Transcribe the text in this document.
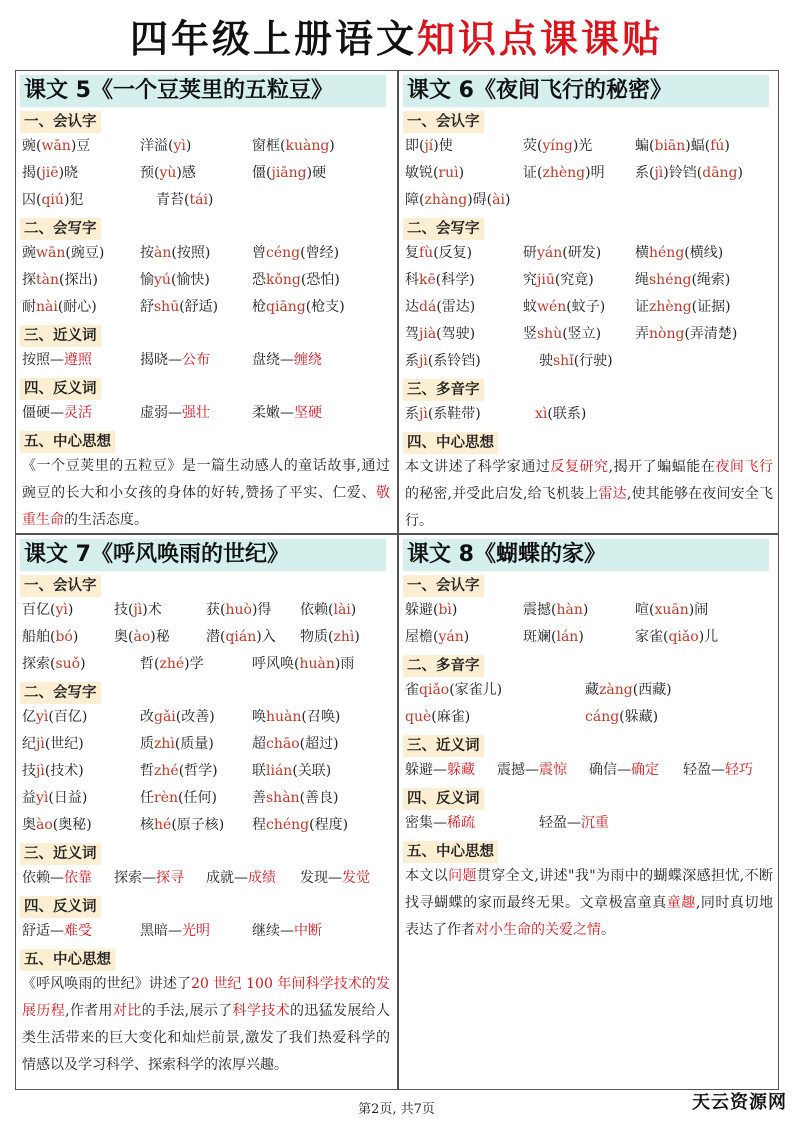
四年级上册语文知识点课课贴
课文 5《一个豆荚里的五粒豆》
一、会认字
豌(wān)豆	洋溢(yì)	窗框(kuàng)
揭(jiē)晓	预(yù)感	僵(jiāng)硬
囚(qiú)犯	青苔(tái)
二、会写字
豌wān(豌豆)	按àn(按照)	曾céng(曾经)
探tàn(探出)	愉yú(愉快)	恐kǒng(恐怕)
耐nài(耐心)	舒shū(舒适)	枪qiāng(枪支)
三、近义词
按照—遵照	揭晓—公布	盘绕—缠绕
四、反义词
僵硬—灵活	虚弱—强壮	柔嫩—坚硬
五、中心思想
《一个豆荚里的五粒豆》是一篇生动感人的童话故事,通过豌豆的长大和小女孩的身体的好转,赞扬了平实、仁爱、敬重生命的生活态度。
课文 6《夜间飞行的秘密》
一、会认字
即(jí)使	荧(yíng)光	蝙(biān)蝠(fú)
敏锐(ruì)	证(zhèng)明	系(jì)铃铛(dāng)
障(zhàng)碍(ài)
二、会写字
复fù(反复)	研yán(研发)	横héng(横线)
科kē(科学)	究jiū(究竟)	绳shéng(绳索)
达dá(雷达)	蚊wén(蚊子)	证zhèng(证据)
驾jià(驾驶)	竖shù(竖立)	弄nòng(弄清楚)
系jì(系铃铛)	驶shǐ(行驶)
三、多音字
系jì(系鞋带)	xì(联系)
四、中心思想
本文讲述了科学家通过反复研究,揭开了蝙蝠能在夜间飞行的秘密,并受此启发,给飞机装上雷达,使其能够在夜间安全飞行。
课文 7《呼风唤雨的世纪》
一、会认字
百亿(yì)	技(jì)术	获(huò)得	依赖(lài)
船舶(bó)	奥(ào)秘	潜(qián)入	物质(zhì)
探索(suǒ)	哲(zhé)学	呼风唤(huàn)雨
二、会写字
亿yì(百亿)	改gǎi(改善)	唤huàn(召唤)
纪jì(世纪)	质zhì(质量)	超chāo(超过)
技jì(技术)	哲zhé(哲学)	联lián(关联)
益yì(日益)	任rèn(任何)	善shàn(善良)
奥ào(奥秘)	核hé(原子核)	程chéng(程度)
三、近义词
依赖—依靠	探索—探寻	成就—成绩	发现—发觉
四、反义词
舒适—难受	黑暗—光明	继续—中断
五、中心思想
《呼风唤雨的世纪》讲述了20 世纪 100 年间科学技术的发展历程,作者用对比的手法,展示了科学技术的迅猛发展给人类生活带来的巨大变化和灿烂前景,激发了我们热爱科学的情感以及学习科学、探索科学的浓厚兴趣。
课文 8《蝴蝶的家》
一、会认字
躲避(bì)	震撼(hàn)	喧(xuān)闹
屋檐(yán)	斑斓(lán)	家雀(qiǎo)儿
二、多音字
雀qiǎo(家雀儿)	藏zàng(西藏)
què(麻雀)	cáng(躲藏)
三、近义词
躲避—躲藏	震撼—震惊	确信—确定	轻盈—轻巧
四、反义词
密集—稀疏	轻盈—沉重
五、中心思想
本文以问题贯穿全文,讲述"我"为雨中的蝴蝶深感担忧,不断找寻蝴蝶的家而最终无果。文章极富童真童趣,同时真切地表达了作者对小生命的关爱之情。
第2页, 共7页	天云资源网
